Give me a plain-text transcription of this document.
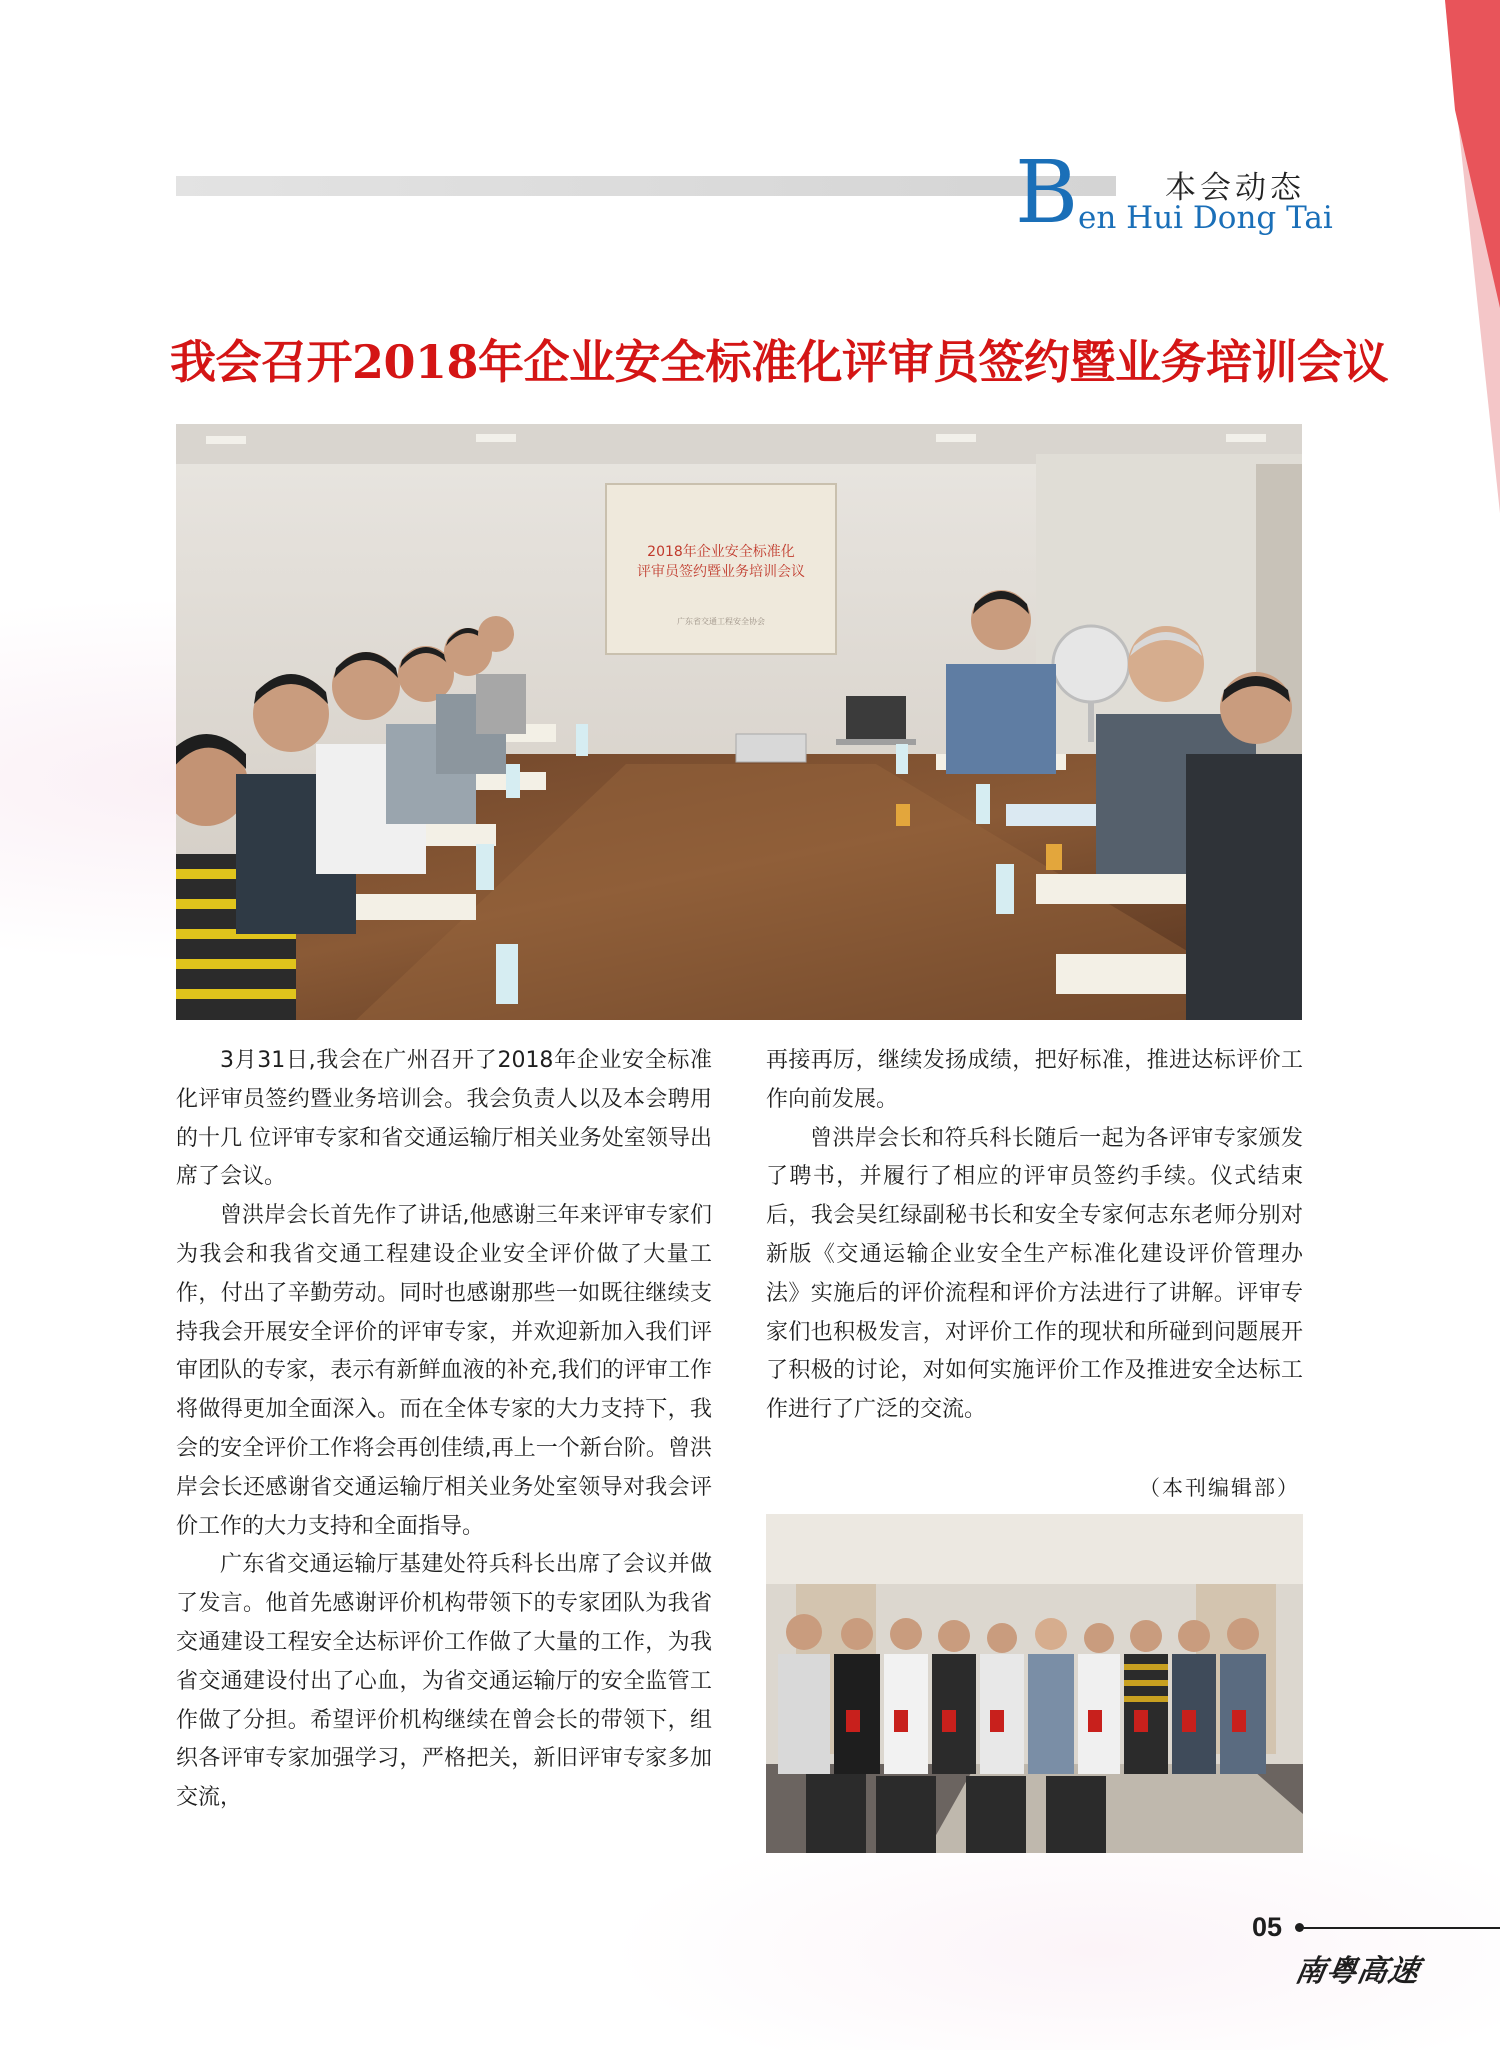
本会动态
B en Hui Dong Tai
我会召开2018年企业安全标准化评审员签约暨业务培训会议
2018年企业安全标准化
评审员签约暨业务培训会议
广东省交通工程安全协会

3月31日,我会在广州召开了2018年企业安全标准化评审员签约暨业务培训会。我会负责人以及本会聘用的十几 位评审专家和省交通运输厅相关业务处室领导出席了会议。

曾洪岸会长首先作了讲话,他感谢三年来评审专家们为我会和我省交通工程建设企业安全评价做了大量工作，付出了辛勤劳动。同时也感谢那些一如既往继续支持我会开展安全评价的评审专家，并欢迎新加入我们评审团队的专家，表示有新鲜血液的补充,我们的评审工作将做得更加全面深入。而在全体专家的大力支持下，我会的安全评价工作将会再创佳绩,再上一个新台阶。曾洪岸会长还感谢省交通运输厅相关业务处室领导对我会评价工作的大力支持和全面指导。

广东省交通运输厅基建处符兵科长出席了会议并做了发言。他首先感谢评价机构带领下的专家团队为我省交通建设工程安全达标评价工作做了大量的工作，为我省交通建设付出了心血，为省交通运输厅的安全监管工作做了分担。希望评价机构继续在曾会长的带领下，组织各评审专家加强学习，严格把关，新旧评审专家多加交流，

再接再厉，继续发扬成绩，把好标准，推进达标评价工作向前发展。

曾洪岸会长和符兵科长随后一起为各评审专家颁发了聘书，并履行了相应的评审员签约手续。仪式结束后，我会吴红绿副秘书长和安全专家何志东老师分别对新版《交通运输企业安全生产标准化建设评价管理办法》实施后的评价流程和评价方法进行了讲解。评审专家们也积极发言，对评价工作的现状和所碰到问题展开了积极的讨论，对如何实施评价工作及推进安全达标工作进行了广泛的交流。

（本刊编辑部）
05
南粤高速
